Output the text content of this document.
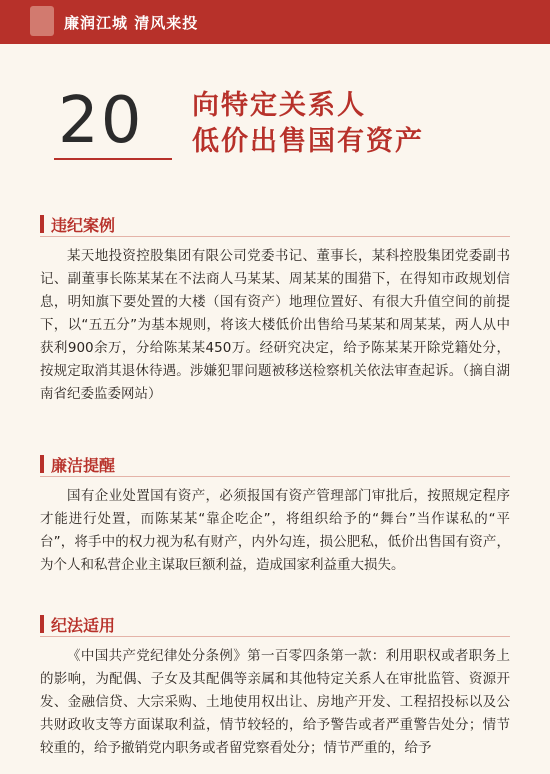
廉润江城 清风来投
20 向特定关系人
低价出售国有资产
违纪案例

某天地投资控股集团有限公司党委书记、董事长，某科控股集团党委副书记、副董事长陈某某在不法商人马某某、周某某的围猎下，在得知市政规划信息，明知旗下要处置的大楼（国有资产）地理位置好、有很大升值空间的前提下，以“五五分”为基本规则，将该大楼低价出售给马某某和周某某，两人从中获利900余万，分给陈某某450万。经研究决定，给予陈某某开除党籍处分，按规定取消其退休待遇。涉嫌犯罪问题被移送检察机关依法审查起诉。（摘自湖南省纪委监委网站）

廉洁提醒

国有企业处置国有资产，必须报国有资产管理部门审批后，按照规定程序才能进行处置，而陈某某“靠企吃企”，将组织给予的“舞台”当作谋私的“平台”，将手中的权力视为私有财产，内外勾连，损公肥私，低价出售国有资产，为个人和私营企业主谋取巨额利益，造成国家利益重大损失。

纪法适用

《中国共产党纪律处分条例》第一百零四条第一款：利用职权或者职务上的影响，为配偶、子女及其配偶等亲属和其他特定关系人在审批监管、资源开发、金融信贷、大宗采购、土地使用权出让、房地产开发、工程招投标以及公共财政收支等方面谋取利益，情节较轻的，给予警告或者严重警告处分；情节较重的，给予撤销党内职务或者留党察看处分；情节严重的，给予
